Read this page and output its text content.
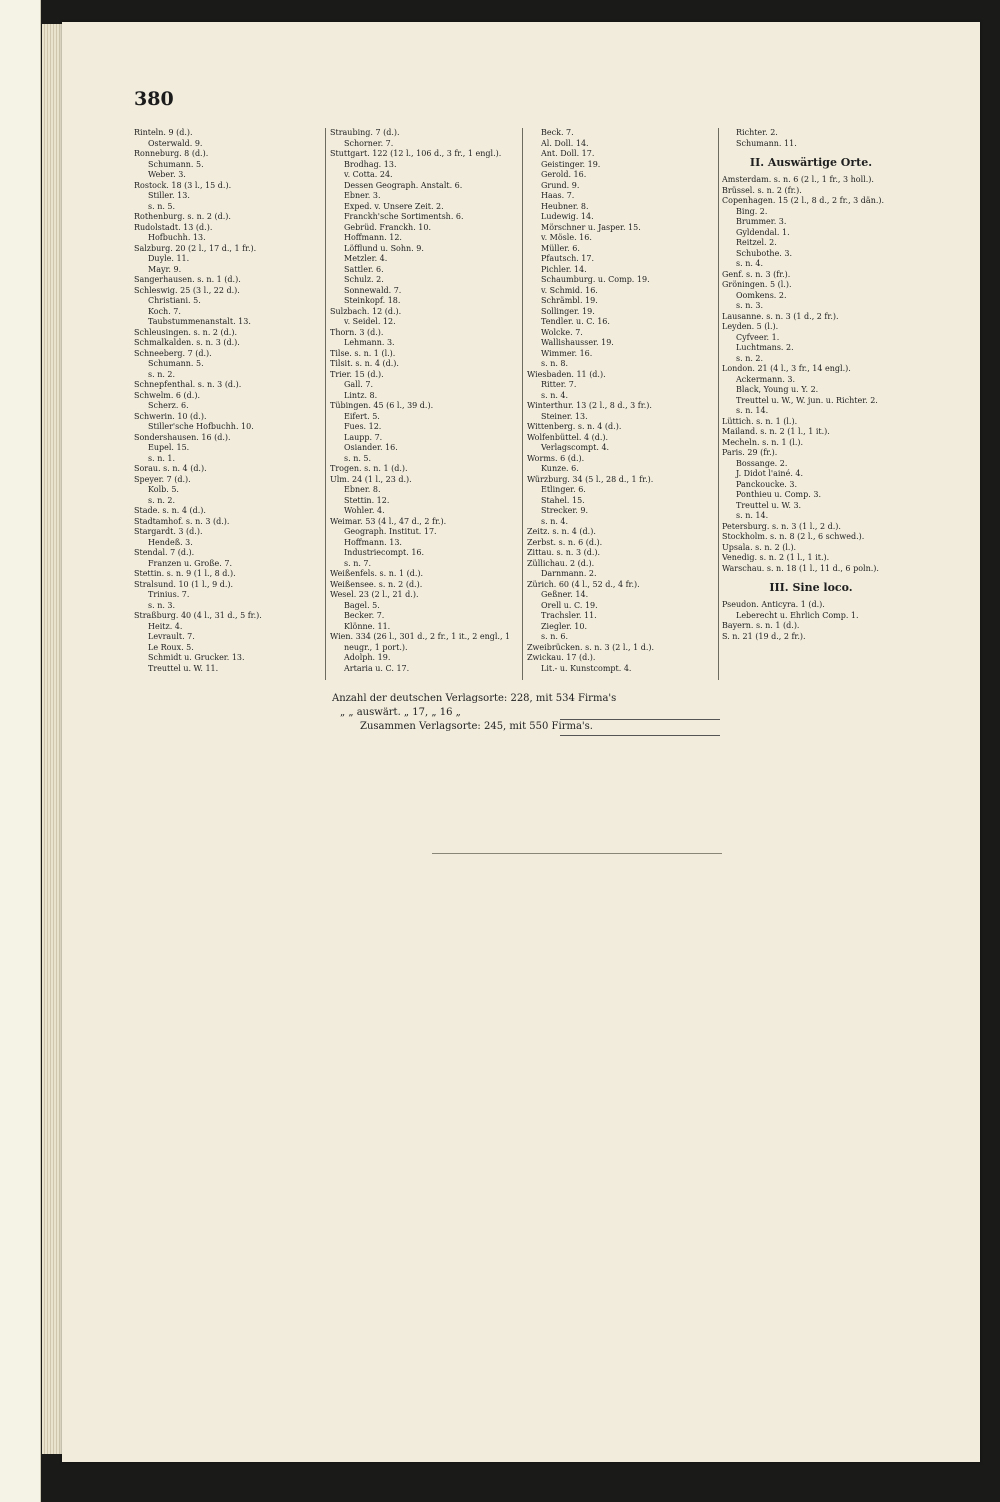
380
Rinteln. 9 (d.).
Osterwald. 9.
Ronneburg. 8 (d.).
Schumann. 5.
Weber. 3.
Rostock. 18 (3 l., 15 d.).
Stiller. 13.
s. n. 5.
Rothenburg. s. n. 2 (d.).
Rudolstadt. 13 (d.).
Hofbuchh. 13.
Salzburg. 20 (2 l., 17 d., 1 fr.).
Duyle. 11.
Mayr. 9.
Sangerhausen. s. n. 1 (d.).
Schleswig. 25 (3 l., 22 d.).
Christiani. 5.
Koch. 7.
Taubstummenanstalt. 13.
Schleusingen. s. n. 2 (d.).
Schmalkalden. s. n. 3 (d.).
Schneeberg. 7 (d.).
Schumann. 5.
s. n. 2.
Schnepfenthal. s. n. 3 (d.).
Schwelm. 6 (d.).
Scherz. 6.
Schwerin. 10 (d.).
Stiller'sche Hofbuchh. 10.
Sondershausen. 16 (d.).
Eupel. 15.
s. n. 1.
Sorau. s. n. 4 (d.).
Speyer. 7 (d.).
Kolb. 5.
s. n. 2.
Stade. s. n. 4 (d.).
Stadtamhof. s. n. 3 (d.).
Stargardt. 3 (d.).
Hendeß. 3.
Stendal. 7 (d.).
Franzen u. Große. 7.
Stettin. s. n. 9 (1 l., 8 d.).
Stralsund. 10 (1 l., 9 d.).
Trinius. 7.
s. n. 3.
Straßburg. 40 (4 l., 31 d., 5 fr.).
Heitz. 4.
Levrault. 7.
Le Roux. 5.
Schmidt u. Grucker. 13.
Treuttel u. W. 11.
Straubing. 7 (d.).
Schorner. 7.
Stuttgart. 122 (12 l., 106 d., 3 fr., 1 engl.).
Brodhag. 13.
v. Cotta. 24.
Dessen Geograph. Anstalt. 6.
Ebner. 3.
Exped. v. Unsere Zeit. 2.
Franckh'sche Sortimentsh. 6.
Gebrüd. Franckh. 10.
Hoffmann. 12.
Löfflund u. Sohn. 9.
Metzler. 4.
Sattler. 6.
Schulz. 2.
Sonnewald. 7.
Steinkopf. 18.
Sulzbach. 12 (d.).
v. Seidel. 12.
Thorn. 3 (d.).
Lehmann. 3.
Tilse. s. n. 1 (l.).
Tilsit. s. n. 4 (d.).
Trier. 15 (d.).
Gall. 7.
Lintz. 8.
Tübingen. 45 (6 l., 39 d.).
Eifert. 5.
Fues. 12.
Laupp. 7.
Osiander. 16.
s. n. 5.
Trogen. s. n. 1 (d.).
Ulm. 24 (1 l., 23 d.).
Ebner. 8.
Stettin. 12.
Wohler. 4.
Weimar. 53 (4 l., 47 d., 2 fr.).
Geograph. Institut. 17.
Hoffmann. 13.
Industriecompt. 16.
s. n. 7.
Weißenfels. s. n. 1 (d.).
Weißensee. s. n. 2 (d.).
Wesel. 23 (2 l., 21 d.).
Bagel. 5.
Becker. 7.
Klönne. 11.
Wien. 334 (26 l., 301 d., 2 fr., 1 it., 2 engl., 1 neugr., 1 port.).
Adolph. 19.
Artaria u. C. 17.
Beck. 7.
Al. Doll. 14.
Ant. Doll. 17.
Geistinger. 19.
Gerold. 16.
Grund. 9.
Haas. 7.
Heubner. 8.
Ludewig. 14.
Mörschner u. Jasper. 15.
v. Mösle. 16.
Müller. 6.
Pfautsch. 17.
Pichler. 14.
Schaumburg. u. Comp. 19.
v. Schmid. 16.
Schrämbl. 19.
Sollinger. 19.
Tendler. u. C. 16.
Wolcke. 7.
Wallishausser. 19.
Wimmer. 16.
s. n. 8.
Wiesbaden. 11 (d.).
Ritter. 7.
s. n. 4.
Winterthur. 13 (2 l., 8 d., 3 fr.).
Steiner. 13.
Wittenberg. s. n. 4 (d.).
Wolfenbüttel. 4 (d.).
Verlagscompt. 4.
Worms. 6 (d.).
Kunze. 6.
Würzburg. 34 (5 l., 28 d., 1 fr.).
Etlinger. 6.
Stahel. 15.
Strecker. 9.
s. n. 4.
Zeitz. s. n. 4 (d.).
Zerbst. s. n. 6 (d.).
Zittau. s. n. 3 (d.).
Züllichau. 2 (d.).
Darnmann. 2.
Zürich. 60 (4 l., 52 d., 4 fr.).
Geßner. 14.
Orell u. C. 19.
Trachsler. 11.
Ziegler. 10.
s. n. 6.
Zweibrücken. s. n. 3 (2 l., 1 d.).
Zwickau. 17 (d.).
Lit.- u. Kunstcompt. 4.
Richter. 2.
Schumann. 11.
II. Auswärtige Orte.
Amsterdam. s. n. 6 (2 l., 1 fr., 3 holl.).
Brüssel. s. n. 2 (fr.).
Copenhagen. 15 (2 l., 8 d., 2 fr., 3 dän.).
Bing. 2.
Brummer. 3.
Gyldendal. 1.
Reitzel. 2.
Schubothe. 3.
s. n. 4.
Genf. s. n. 3 (fr.).
Gröningen. 5 (l.).
Oomkens. 2.
s. n. 3.
Lausanne. s. n. 3 (1 d., 2 fr.).
Leyden. 5 (l.).
Cyfveer. 1.
Luchtmans. 2.
s. n. 2.
London. 21 (4 l., 3 fr., 14 engl.).
Ackermann. 3.
Black, Young u. Y. 2.
Treuttel u. W., W. jun. u. Richter. 2.
s. n. 14.
Lüttich. s. n. 1 (l.).
Mailand. s. n. 2 (1 l., 1 it.).
Mecheln. s. n. 1 (l.).
Paris. 29 (fr.).
Bossange. 2.
J. Didot l'ainé. 4.
Panckoucke. 3.
Ponthieu u. Comp. 3.
Treuttel u. W. 3.
s. n. 14.
Petersburg. s. n. 3 (1 l., 2 d.).
Stockholm. s. n. 8 (2 l., 6 schwed.).
Upsala. s. n. 2 (l.).
Venedig. s. n. 2 (1 l., 1 it.).
Warschau. s. n. 18 (1 l., 11 d., 6 poln.).
III. Sine loco.
Pseudon. Anticyra. 1 (d.).
Leberecht u. Ehrlich Comp. 1.
Bayern. s. n. 1 (d.).
S. n. 21 (19 d., 2 fr.).
Anzahl der deutschen Verlagsorte: 228, mit 534 Firma's
„ „ auswärt. „ 17, „ 16 „
Zusammen Verlagsorte: 245, mit 550 Firma's.
